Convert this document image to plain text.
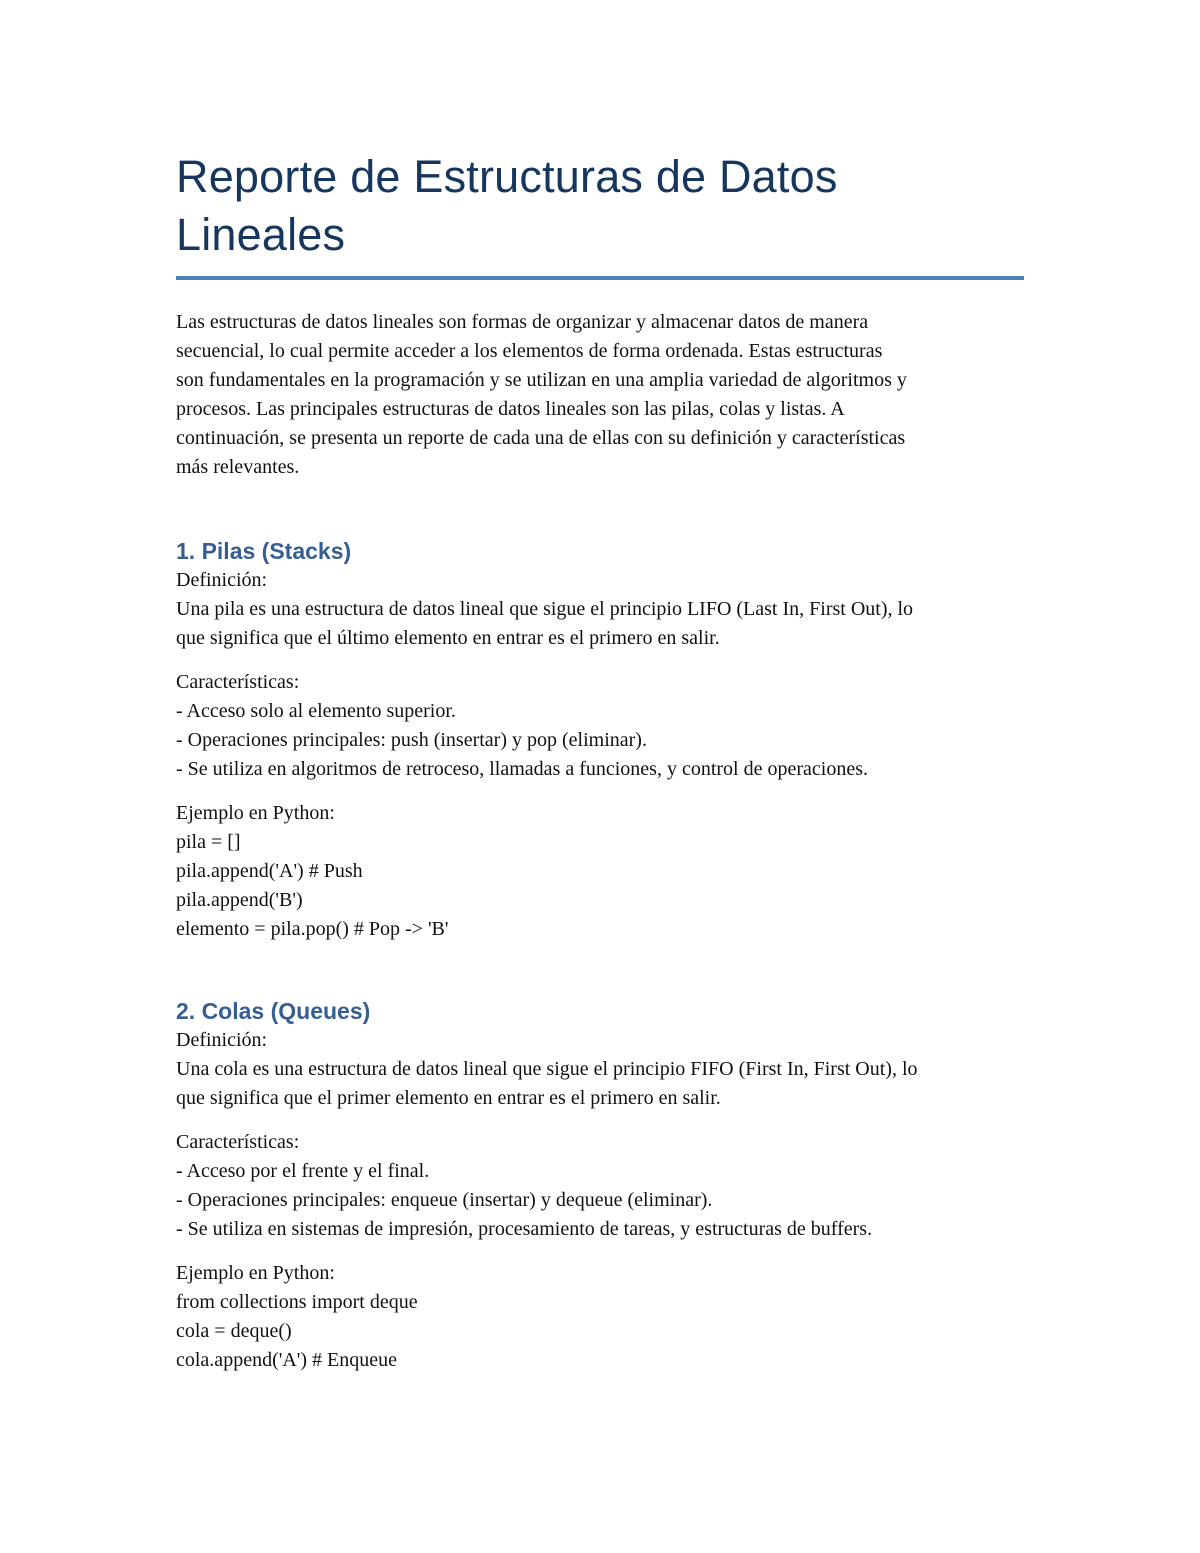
Reporte de Estructuras de Datos
Lineales
Las estructuras de datos lineales son formas de organizar y almacenar datos de manera
secuencial, lo cual permite acceder a los elementos de forma ordenada. Estas estructuras
son fundamentales en la programación y se utilizan en una amplia variedad de algoritmos y
procesos. Las principales estructuras de datos lineales son las pilas, colas y listas. A
continuación, se presenta un reporte de cada una de ellas con su definición y características
más relevantes.
1. Pilas (Stacks)
Definición:
Una pila es una estructura de datos lineal que sigue el principio LIFO (Last In, First Out), lo
que significa que el último elemento en entrar es el primero en salir.
Características:
- Acceso solo al elemento superior.
- Operaciones principales: push (insertar) y pop (eliminar).
- Se utiliza en algoritmos de retroceso, llamadas a funciones, y control de operaciones.
Ejemplo en Python:
pila = []
pila.append('A') # Push
pila.append('B')
elemento = pila.pop() # Pop -> 'B'
2. Colas (Queues)
Definición:
Una cola es una estructura de datos lineal que sigue el principio FIFO (First In, First Out), lo
que significa que el primer elemento en entrar es el primero en salir.
Características:
- Acceso por el frente y el final.
- Operaciones principales: enqueue (insertar) y dequeue (eliminar).
- Se utiliza en sistemas de impresión, procesamiento de tareas, y estructuras de buffers.
Ejemplo en Python:
from collections import deque
cola = deque()
cola.append('A') # Enqueue
